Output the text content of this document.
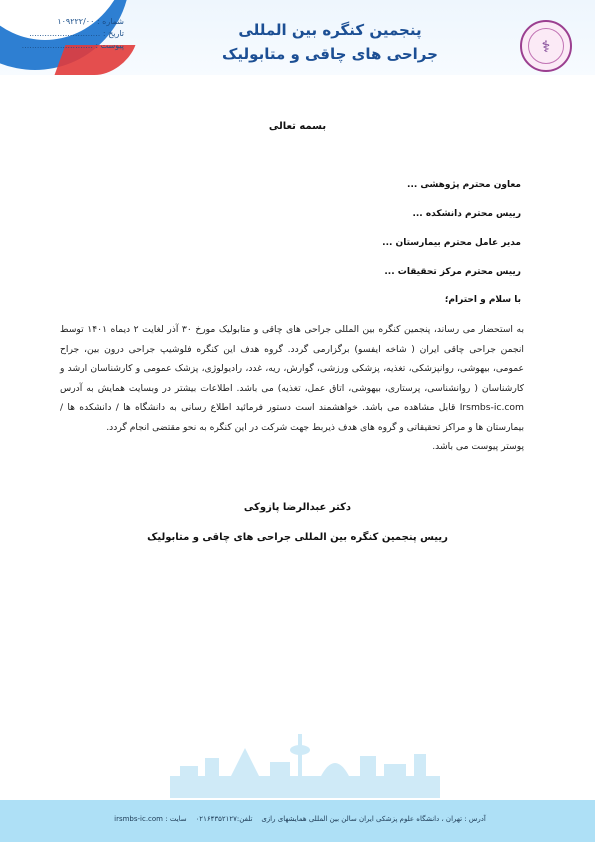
شماره : ۱۰۹۲۲۲/۰۰
تاریخ : ............................
پیوست : ............................
پنجمین کنگره بین المللی
جراحی های چاقی و متابولیک	⚕
بسمه تعالی
معاون محترم پژوهشی ...
رییس محترم دانشکده ...
مدیر عامل محترم بیمارستان ...
رییس محترم مرکز تحقیقات ...
با سلام و احترام؛
به استحضار می رساند، پنجمین کنگره بین المللی جراحی های چاقی و متابولیک مورخ ۳۰ آذر لغایت ۲ دیماه ۱۴۰۱ توسط انجمن جراحی چاقی ایران ( شاخه ایفسو) برگزارمی گردد. گروه هدف این کنگره فلوشیپ جراحی درون بین، جراح عمومی، بیهوشی، روانپزشکی، تغذیه، پزشکی ورزشی، گوارش، ریه، غدد، رادیولوژی، پزشک عمومی و کارشناسان ارشد و کارشناسان ( روانشناسی، پرستاری، بیهوشی، اتاق عمل، تغذیه) می باشد. اطلاعات بیشتر در وبسایت همایش به آدرس Irsmbs-ic.com قابل مشاهده می باشد. خواهشمند است دستور فرمائید اطلاع رسانی به دانشگاه ها / دانشکده ها / بیمارستان ها و مراکز تحقیقاتی و گروه های هدف ذیربط جهت شرکت در این کنگره به نحو مقتضی انجام گردد.
پوستر پیوست می باشد.
دکتر عبدالرضا پازوکی
رییس پنجمین کنگره بین المللی جراحی های چاقی و متابولیک
آدرس : تهران ، دانشگاه علوم پزشکی ایران سالن بین المللی همایشهای رازی    تلفن:۰۲۱۶۴۳۵۲۱۲۷    سایت : irsmbs-ic.com
